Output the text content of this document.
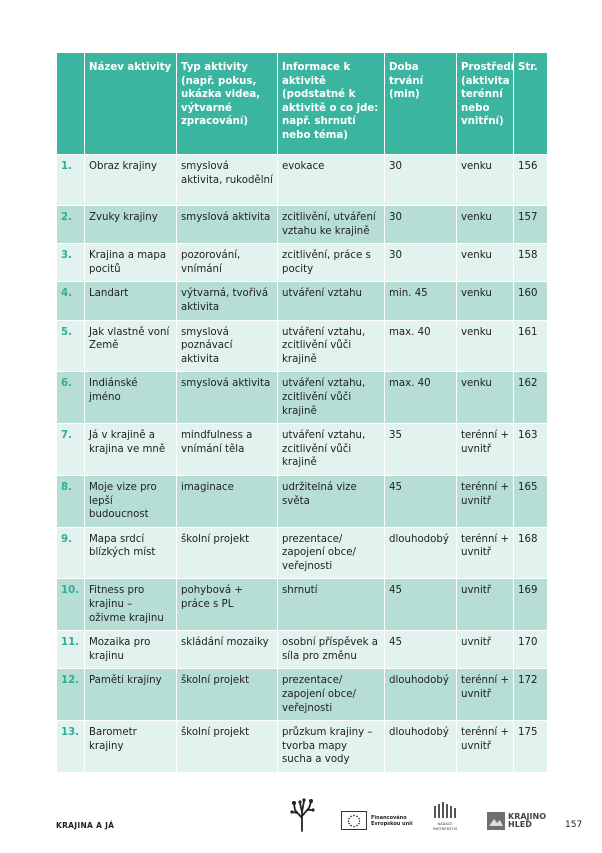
	Název aktivity	Typ aktivity (např. pokus, ukázka videa, výtvarné zpracování)	Informace k aktivitě (podstatné k aktivitě o co jde: např. shrnutí nebo téma)	Doba trvání (min)	Prostředí (aktivita terénní nebo vnitřní)	Str.
1.	Obraz krajiny	smyslová aktivita, rukodělní	evokace	30	venku	156
2.	Zvuky krajiny	smyslová aktivita	zcitlivění, utváření vztahu ke krajině	30	venku	157
3.	Krajina a mapa pocitů	pozorování, vnímání	zcitlivění, práce s pocity	30	venku	158
4.	Landart	výtvarná, tvořivá aktivita	utváření vztahu	min. 45	venku	160
5.	Jak vlastně voní Země	smyslová poznávací aktivita	utváření vztahu, zcitlivění vůči krajině	max. 40	venku	161
6.	Indiánské jméno	smyslová aktivita	utváření vztahu, zcitlivění vůči krajině	max. 40	venku	162
7.	Já v krajině a krajina ve mně	mindfulness a vnímání těla	utváření vztahu, zcitlivění vůči krajině	35	terénní + uvnitř	163
8.	Moje vize pro lepší budoucnost	imaginace	udržitelná vize světa	45	terénní + uvnitř	165
9.	Mapa srdcí blízkých míst	školní projekt	prezentace/ zapojení obce/ veřejnosti	dlouhodobý	terénní + uvnitř	168
10.	Fitness pro krajinu – oživme krajinu	pohybová + práce s PL	shrnutí	45	uvnitř	169
11.	Mozaika pro krajinu	skládání mozaiky	osobní příspěvek a síla pro změnu	45	uvnitř	170
12.	Paměti krajiny	školní projekt	prezentace/ zapojení obce/ veřejnosti	dlouhodobý	terénní + uvnitř	172
13.	Barometr krajiny	školní projekt	průzkum krajiny – tvorba mapy sucha a vody	dlouhodobý	terénní + uvnitř	175
KRAJINA A JÁ
Financováno Evropskou unií	NADACE PARTNERSTVÍ
KRAJINO HLEĎ	157
